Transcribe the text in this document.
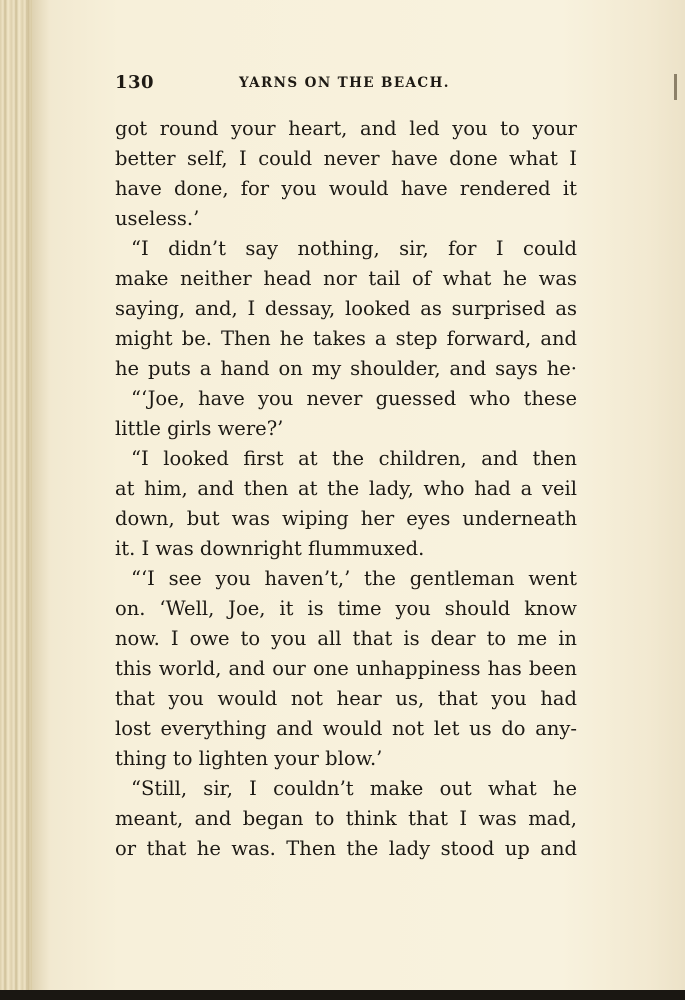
130	YARNS ON THE BEACH.
got round your heart, and led you to your
better self, I could never have done what I
have done, for you would have rendered it
useless.’
“I didn’t say nothing, sir, for I could
make neither head nor tail of what he was
saying, and, I dessay, looked as surprised as
might be. Then he takes a step forward, and
he puts a hand on my shoulder, and says he·
“‘Joe, have you never guessed who these
little girls were?’
“I looked first at the children, and then
at him, and then at the lady, who had a veil
down, but was wiping her eyes underneath
it. I was downright flummuxed.
“‘I see you haven’t,’ the gentleman went
on. ‘Well, Joe, it is time you should know
now. I owe to you all that is dear to me in
this world, and our one unhappiness has been
that you would not hear us, that you had
lost everything and would not let us do any-
thing to lighten your blow.’
“Still, sir, I couldn’t make out what he
meant, and began to think that I was mad,
or that he was. Then the lady stood up and
